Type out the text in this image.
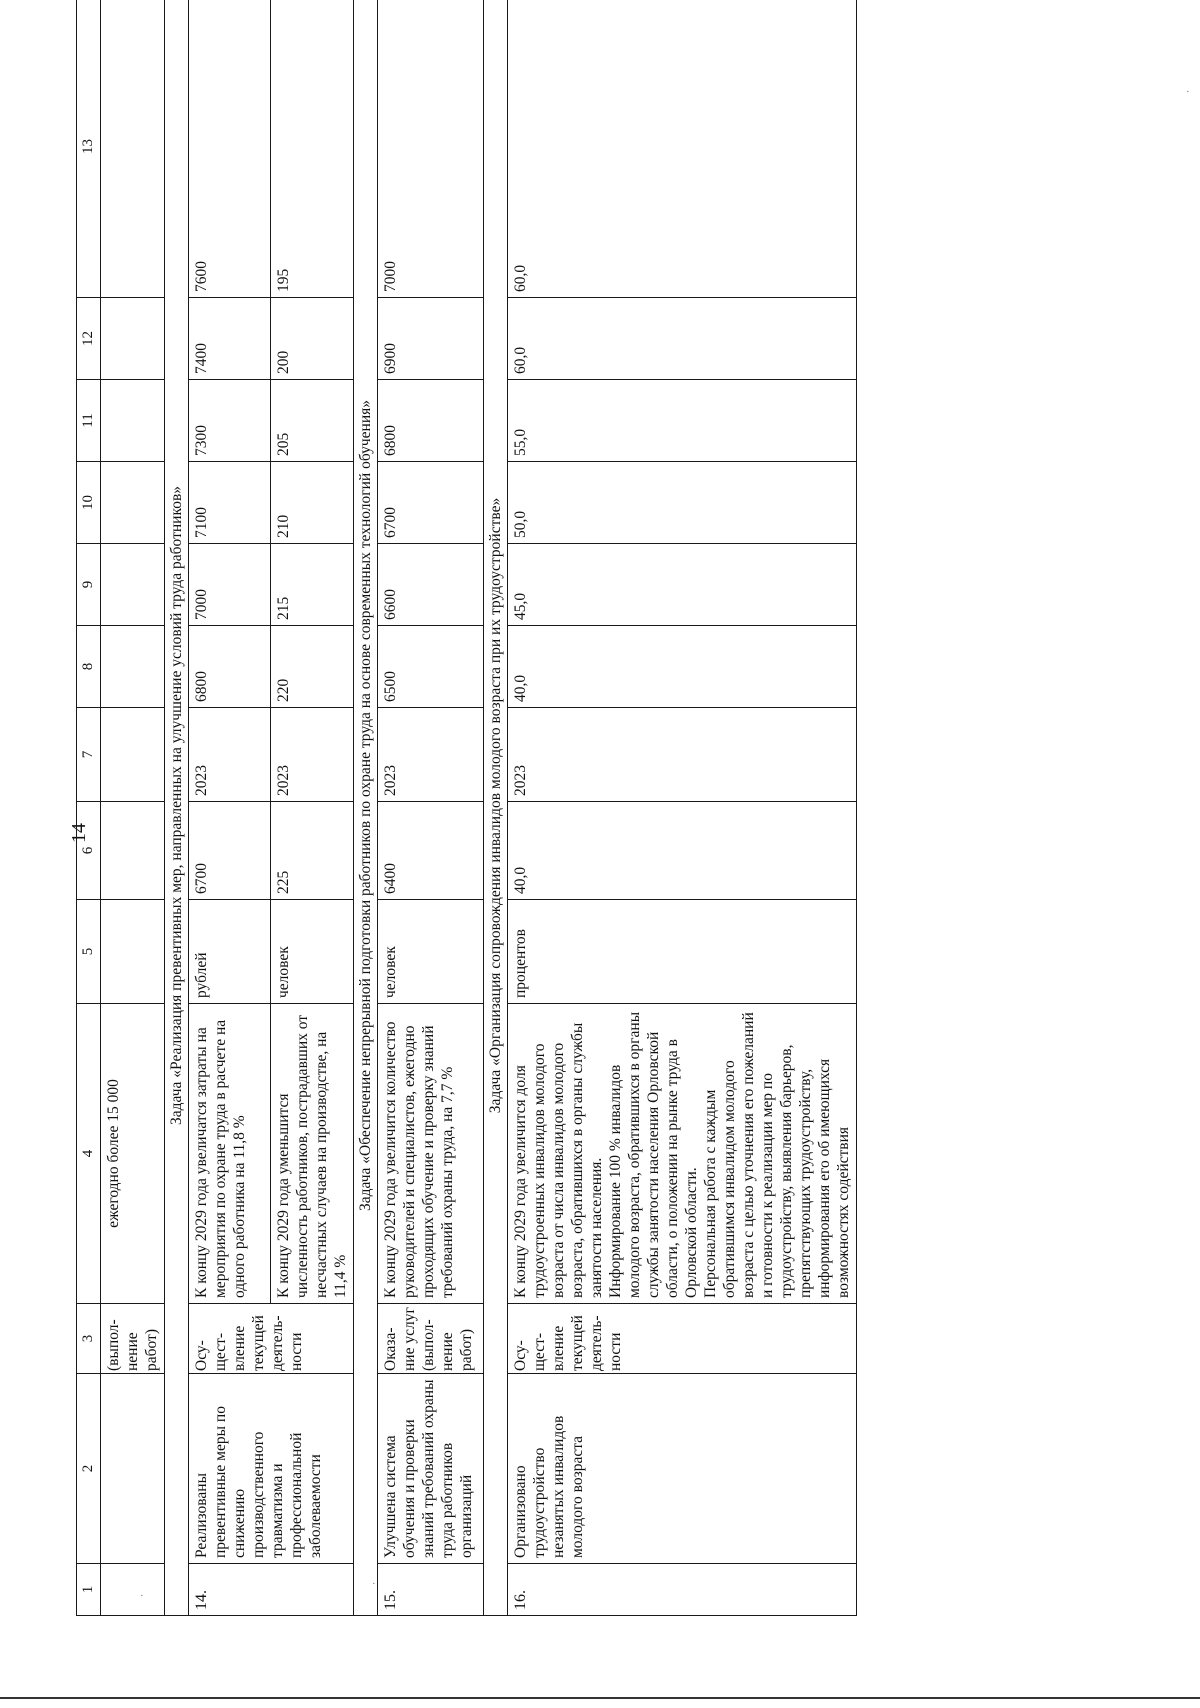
14
1	2	3	4	5	6	7	8	9	10	11	12	13
		(выпол-нение работ)	ежегодно более 15 000									
Задача «Реализация превентивных мер, направленных на улучшение условий труда работников»												
14.	Реализованы превентивные меры по снижению производственного травматизма и профессиональной заболеваемости	Осу-щест-вление текущей деятель-ности	К концу 2029 года увеличатся затраты на мероприятия по охране труда в расчете на одного работника на 11,8 %	рублей	6700	2023	6800	7000	7100	7300	7400	7600
			К концу 2029 года уменьшится численность работников, пострадавших от несчастных случаев на производстве, на 11,4 %	человек	225	2023	220	215	210	205	200	195
Задача «Обеспечение непрерывной подготовки работников по охране труда на основе современных технологий обучения»												
15.	Улучшена система обучения и проверки знаний требований охраны труда работников организаций	Оказа-ние услуг (выпол-нение работ)	К концу 2029 года увеличится количество руководителей и специалистов, ежегодно проходящих обучение и проверку знаний требований охраны труда, на 7,7 %	человек	6400	2023	6500	6600	6700	6800	6900	7000
Задача «Организация сопровождения инвалидов молодого возраста при их трудоустройстве»												
16.	Организовано трудоустройство незанятых инвалидов молодого возраста	Осу-щест-вление текущей деятель-ности	К концу 2029 года увеличится доля трудоустроенных инвалидов молодого возраста от числа инвалидов молодого возраста, обратившихся в органы службы занятости населения. Информирование 100 % инвалидов молодого возраста, обратившихся в органы службы занятости населения Орловской области, о положении на рынке труда в Орловской области. Персональная работа с каждым обратившимся инвалидом молодого возраста с целью уточнения его пожеланий и готовности к реализации мер по трудоустройству, выявления барьеров, препятствующих трудоустройству, информирования его об имеющихся возможностях содействия	процентов	40,0	2023	40,0	45,0	50,0	55,0	60,0	60,0
·
·
·
